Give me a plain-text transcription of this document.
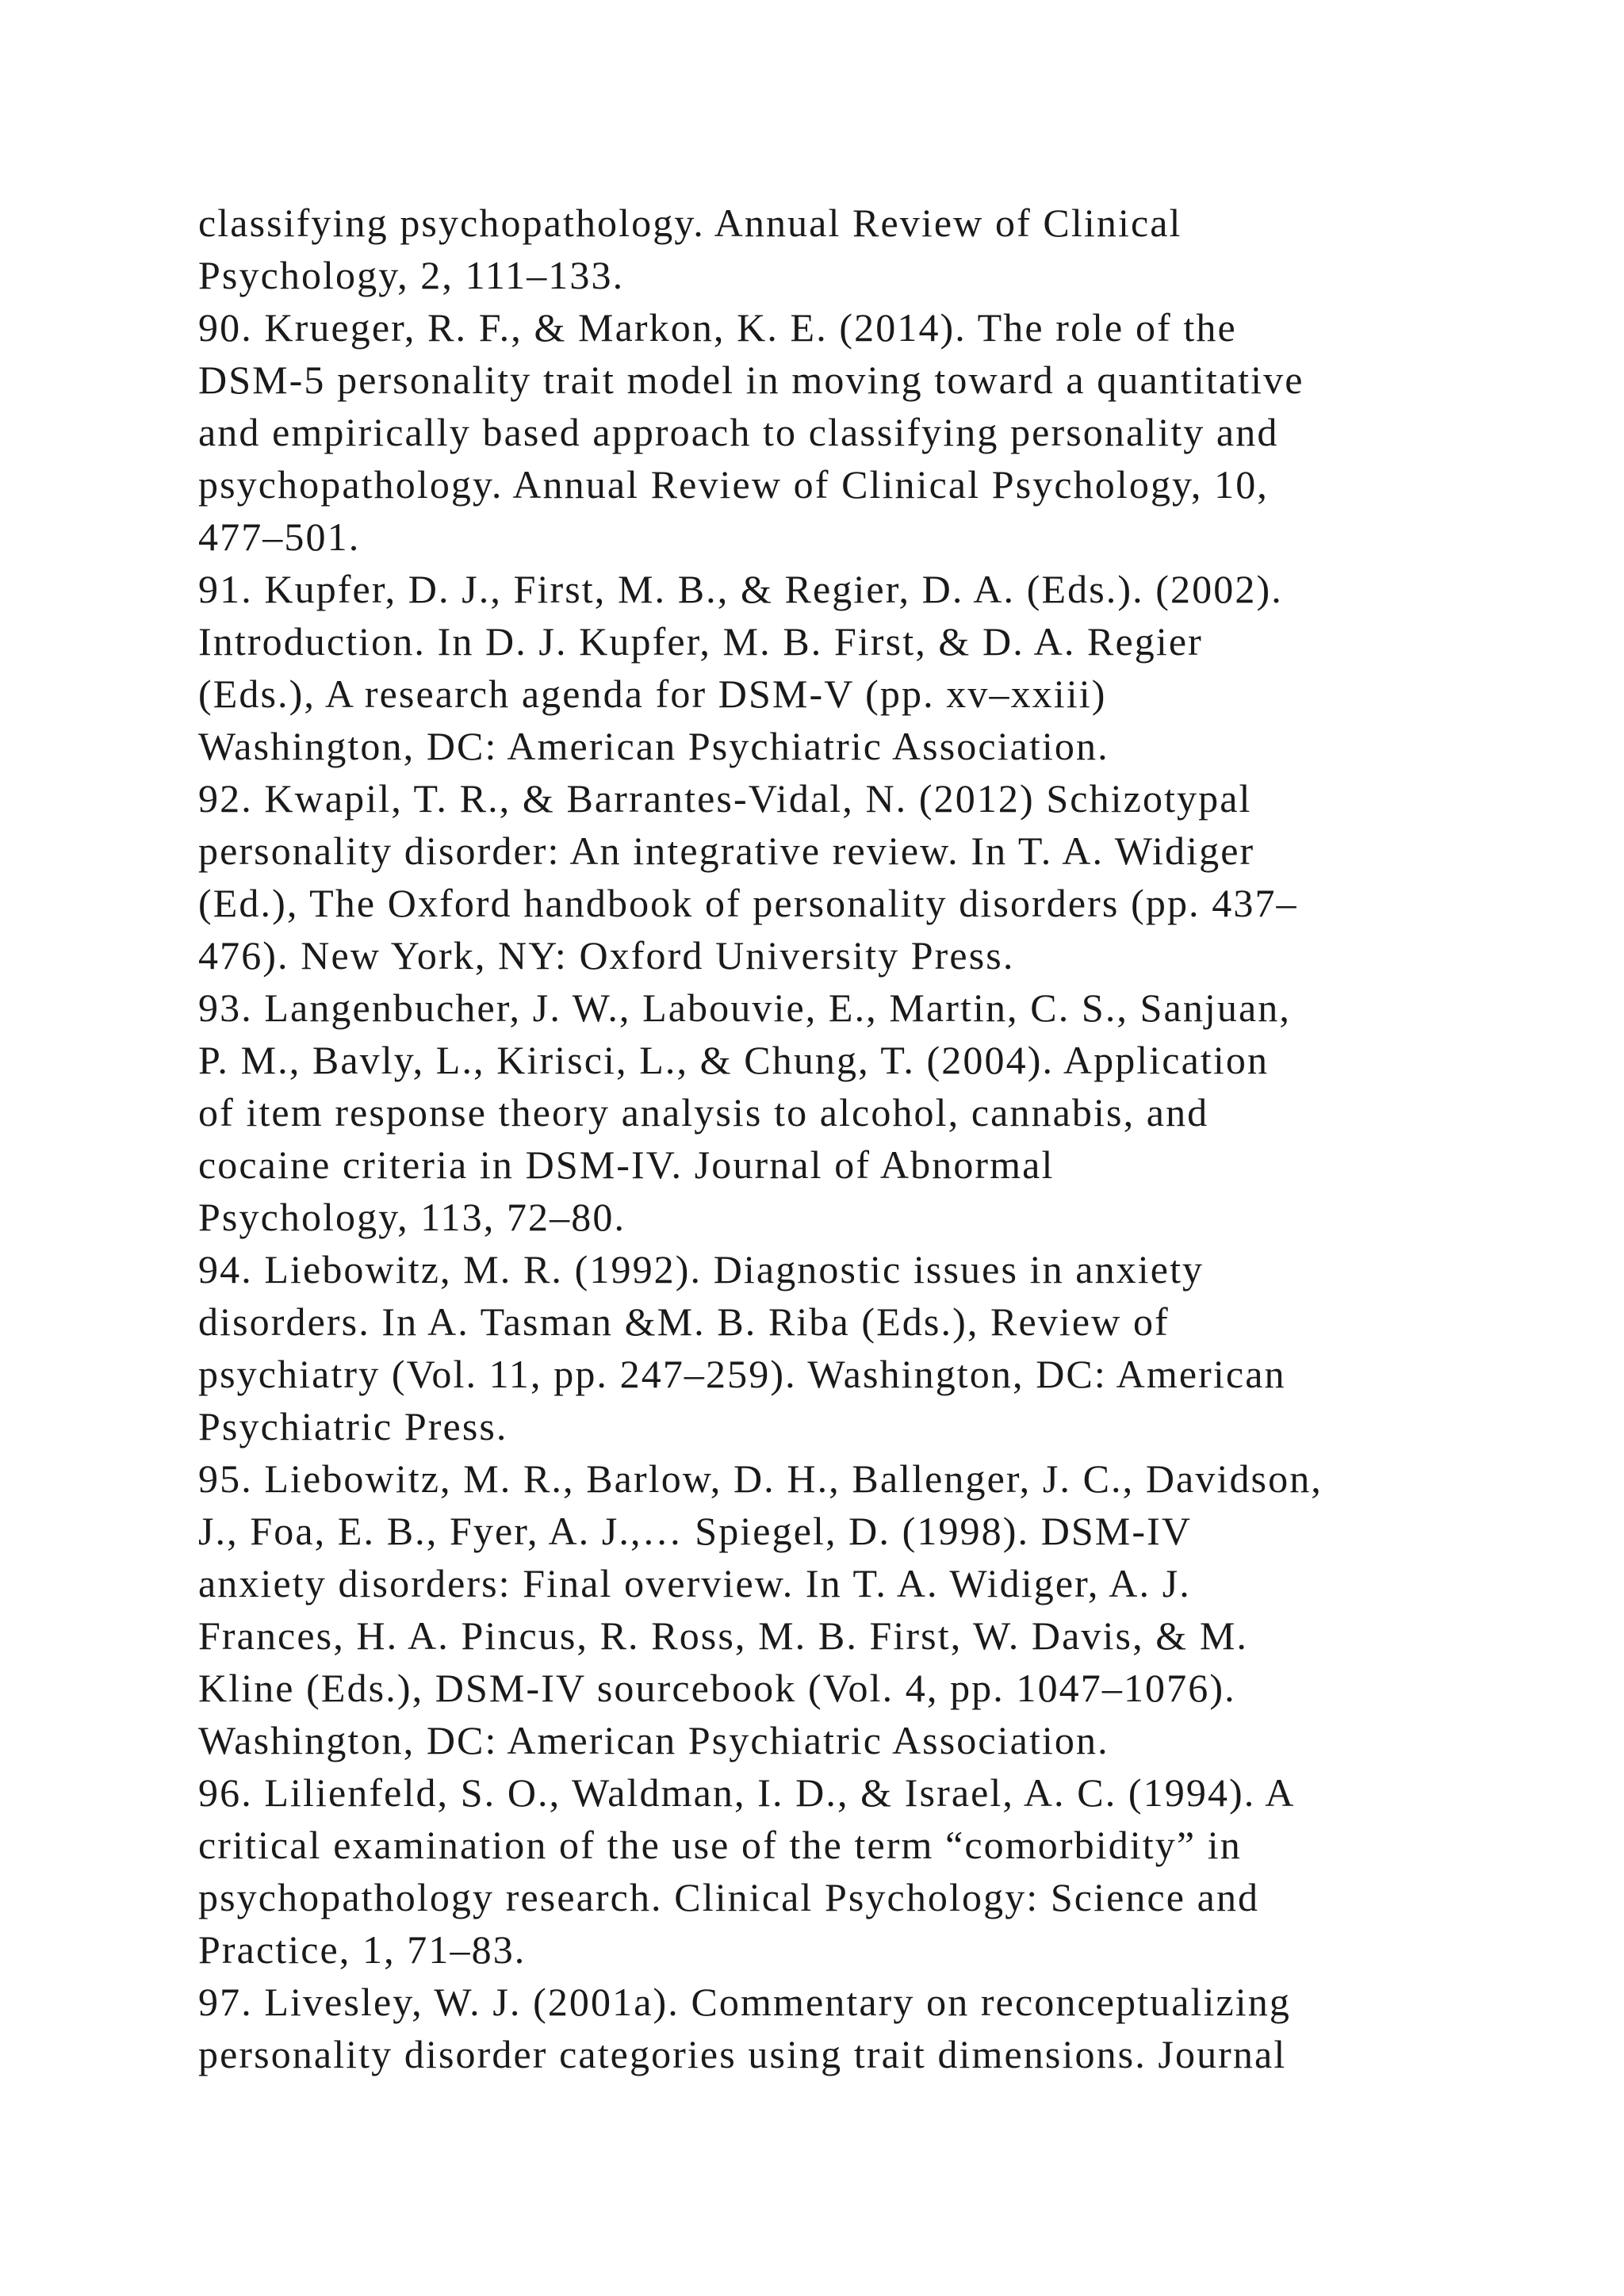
classifying psychopathology. Annual Review of Clinical
Psychology, 2, 111–133.
90. Krueger, R. F., & Markon, K. E. (2014). The role of the
DSM-5 personality trait model in moving toward a quantitative
and empirically based approach to classifying personality and
psychopathology. Annual Review of Clinical Psychology, 10,
477–501.
91. Kupfer, D. J., First, M. B., & Regier, D. A. (Eds.). (2002).
Introduction. In D. J. Kupfer, M. B. First, & D. A. Regier
(Eds.), A research agenda for DSM-V (pp. xv–xxiii)
Washington, DC: American Psychiatric Association.
92. Kwapil, T. R., & Barrantes-Vidal, N. (2012) Schizotypal
personality disorder: An integrative review. In T. A. Widiger
(Ed.), The Oxford handbook of personality disorders (pp. 437–
476). New York, NY: Oxford University Press.
93. Langenbucher, J. W., Labouvie, E., Martin, C. S., Sanjuan,
P. M., Bavly, L., Kirisci, L., & Chung, T. (2004). Application
of item response theory analysis to alcohol, cannabis, and
cocaine criteria in DSM-IV. Journal of Abnormal
Psychology, 113, 72–80.
94. Liebowitz, M. R. (1992). Diagnostic issues in anxiety
disorders. In A. Tasman &M. B. Riba (Eds.), Review of
psychiatry (Vol. 11, pp. 247–259). Washington, DC: American
Psychiatric Press.
95. Liebowitz, M. R., Barlow, D. H., Ballenger, J. C., Davidson,
J., Foa, E. B., Fyer, A. J.,… Spiegel, D. (1998). DSM-IV
anxiety disorders: Final overview. In T. A. Widiger, A. J.
Frances, H. A. Pincus, R. Ross, M. B. First, W. Davis, & M.
Kline (Eds.), DSM-IV sourcebook (Vol. 4, pp. 1047–1076).
Washington, DC: American Psychiatric Association.
96. Lilienfeld, S. O., Waldman, I. D., & Israel, A. C. (1994). A
critical examination of the use of the term “comorbidity” in
psychopathology research. Clinical Psychology: Science and
Practice, 1, 71–83.
97. Livesley, W. J. (2001a). Commentary on reconceptualizing
personality disorder categories using trait dimensions. Journal
